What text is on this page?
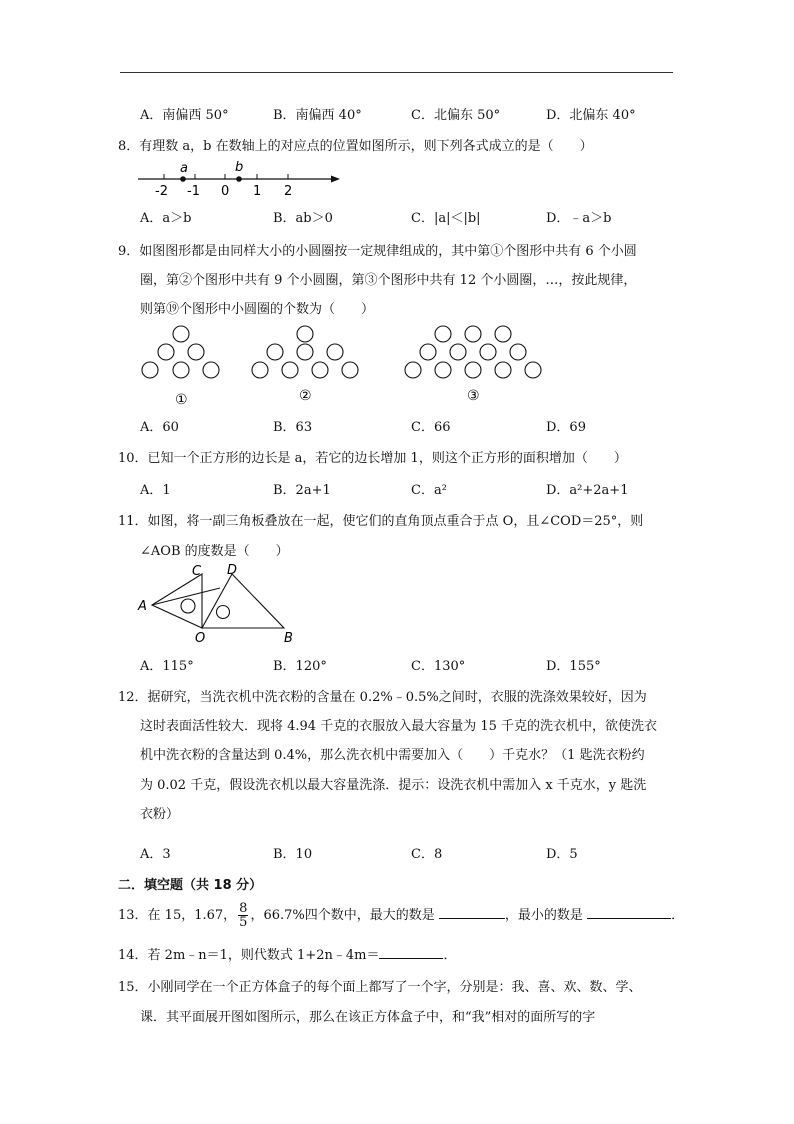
A．南偏西 50°	B．南偏西 40°	C．北偏东 50°	D．北偏东 40°
8．有理数 a，b 在数轴上的对应点的位置如图所示，则下列各式成立的是（　　）
a	b
-2 -1 0 1 2
A．a＞b	B．ab＞0	C．|a|＜|b|	D．﹣a＞b
9．如图图形都是由同样大小的小圆圈按一定规律组成的，其中第①个图形中共有 6 个小圆
圈，第②个图形中共有 9 个小圆圈，第③个图形中共有 12 个小圆圈，…，按此规律，
则第⑲个图形中小圆圈的个数为（　　）
①	②	③
A．60	B．63	C．66	D．69
10．已知一个正方形的边长是 a，若它的边长增加 1，则这个正方形的面积增加（　　）
A．1	B．2a+1	C．a²	D．a²+2a+1
11．如图，将一副三角板叠放在一起，使它们的直角顶点重合于点 O，且∠COD＝25°，则
∠AOB 的度数是（　　）
C D
A
O	B
A．115°	B．120°	C．130°	D．155°
12．据研究，当洗衣机中洗衣粉的含量在 0.2%﹣0.5%之间时，衣服的洗涤效果较好，因为
这时表面活性较大．现将 4.94 千克的衣服放入最大容量为 15 千克的洗衣机中，欲使洗衣
机中洗衣粉的含量达到 0.4%，那么洗衣机中需要加入（　　）千克水？（1 匙洗衣粉约
为 0.02 千克，假设洗衣机以最大容量洗涤．提示：设洗衣机中需加入 x 千克水，y 匙洗
衣粉）
A．3	B．10	C．8	D．5
二．填空题（共 18 分）
13．在 15，1.67， $\frac{8}{5}$ ，66.7%四个数中，最大的数是	，最小的数是	．
14．若 2m﹣n＝1，则代数式 1+2n﹣4m＝	．
15．小刚同学在一个正方体盒子的每个面上都写了一个字，分别是：我、喜、欢、数、学、
课．其平面展开图如图所示，那么在该正方体盒子中，和“我”相对的面所写的字
